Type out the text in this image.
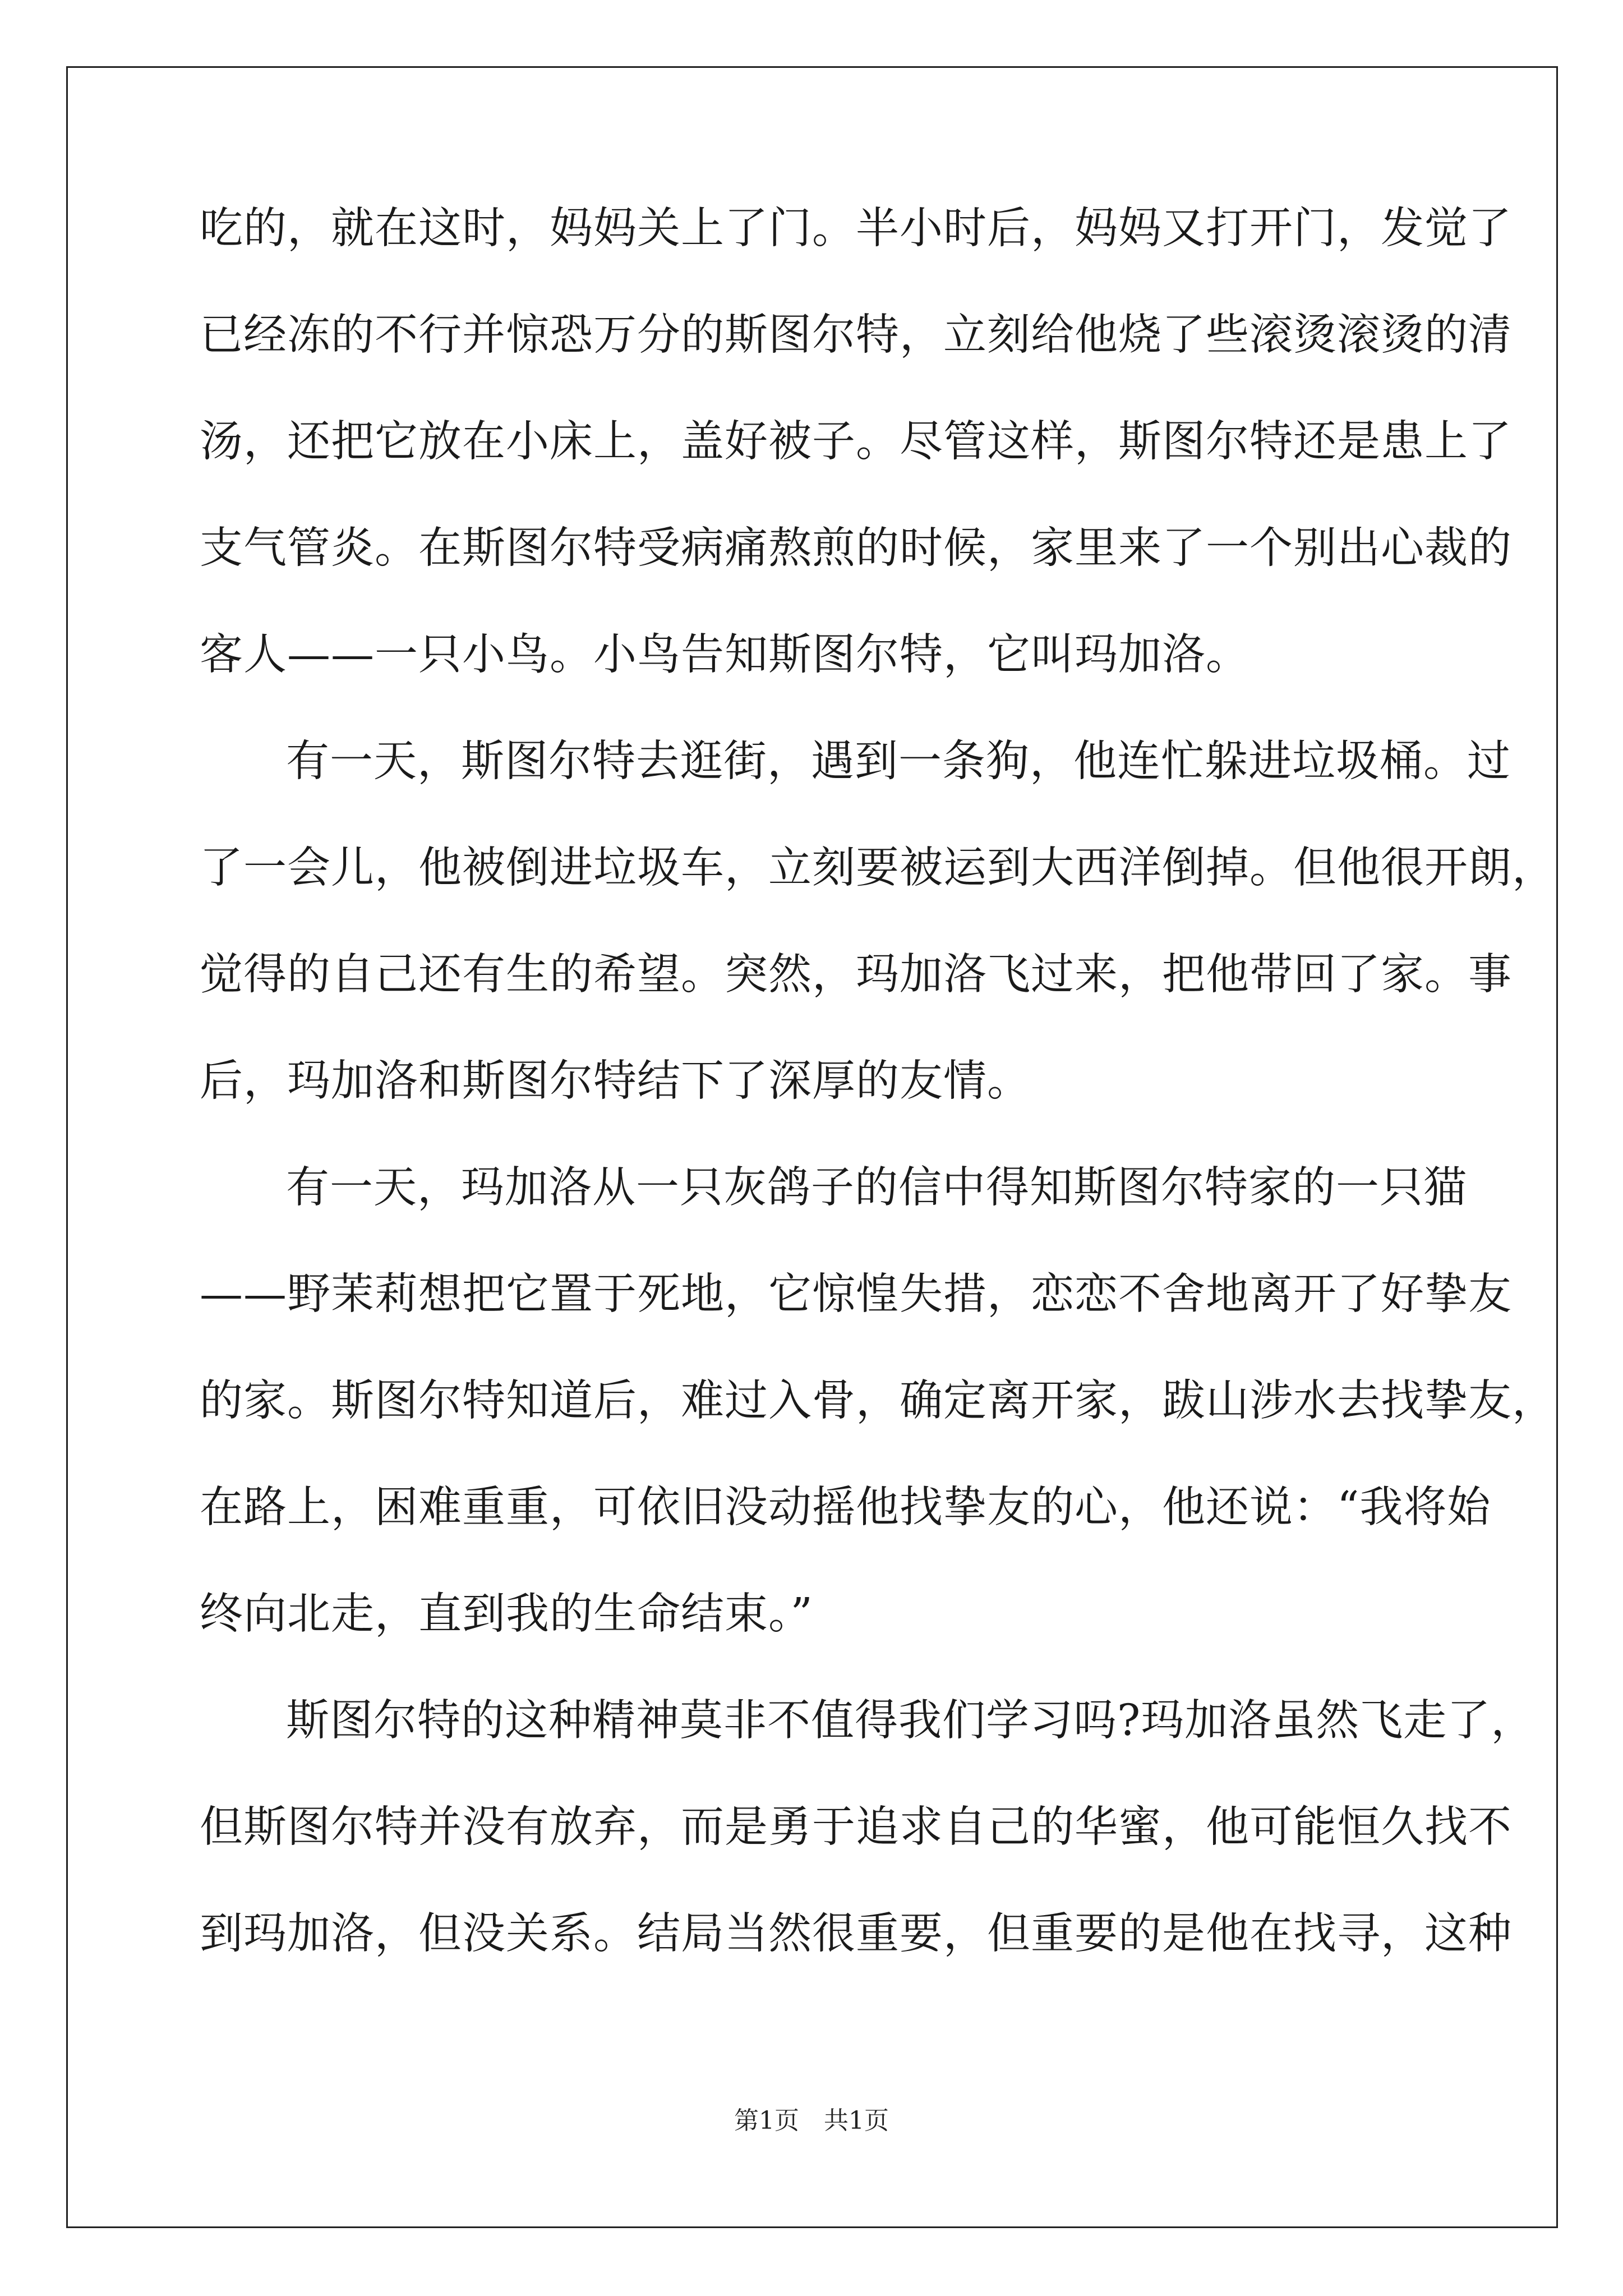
吃的，就在这时，妈妈关上了门。半小时后，妈妈又打开门，发觉了
已经冻的不行并惊恐万分的斯图尔特，立刻给他烧了些滚烫滚烫的清
汤，还把它放在小床上，盖好被子。尽管这样，斯图尔特还是患上了
支气管炎。在斯图尔特受病痛熬煎的时候，家里来了一个别出心裁的
客人——一只小鸟。小鸟告知斯图尔特，它叫玛加洛。
有一天，斯图尔特去逛街，遇到一条狗，他连忙躲进垃圾桶。过
了一会儿，他被倒进垃圾车，立刻要被运到大西洋倒掉。但他很开朗，
觉得的自己还有生的希望。突然，玛加洛飞过来，把他带回了家。事
后，玛加洛和斯图尔特结下了深厚的友情。
有一天，玛加洛从一只灰鸽子的信中得知斯图尔特家的一只猫
——野茉莉想把它置于死地，它惊惶失措，恋恋不舍地离开了好挚友
的家。斯图尔特知道后，难过入骨，确定离开家，跋山涉水去找挚友，
在路上，困难重重，可依旧没动摇他找挚友的心，他还说：“我将始
终向北走，直到我的生命结束。”
斯图尔特的这种精神莫非不值得我们学习吗?玛加洛虽然飞走了，
但斯图尔特并没有放弃，而是勇于追求自己的华蜜，他可能恒久找不
到玛加洛，但没关系。结局当然很重要，但重要的是他在找寻，这种
第1页 共1页
